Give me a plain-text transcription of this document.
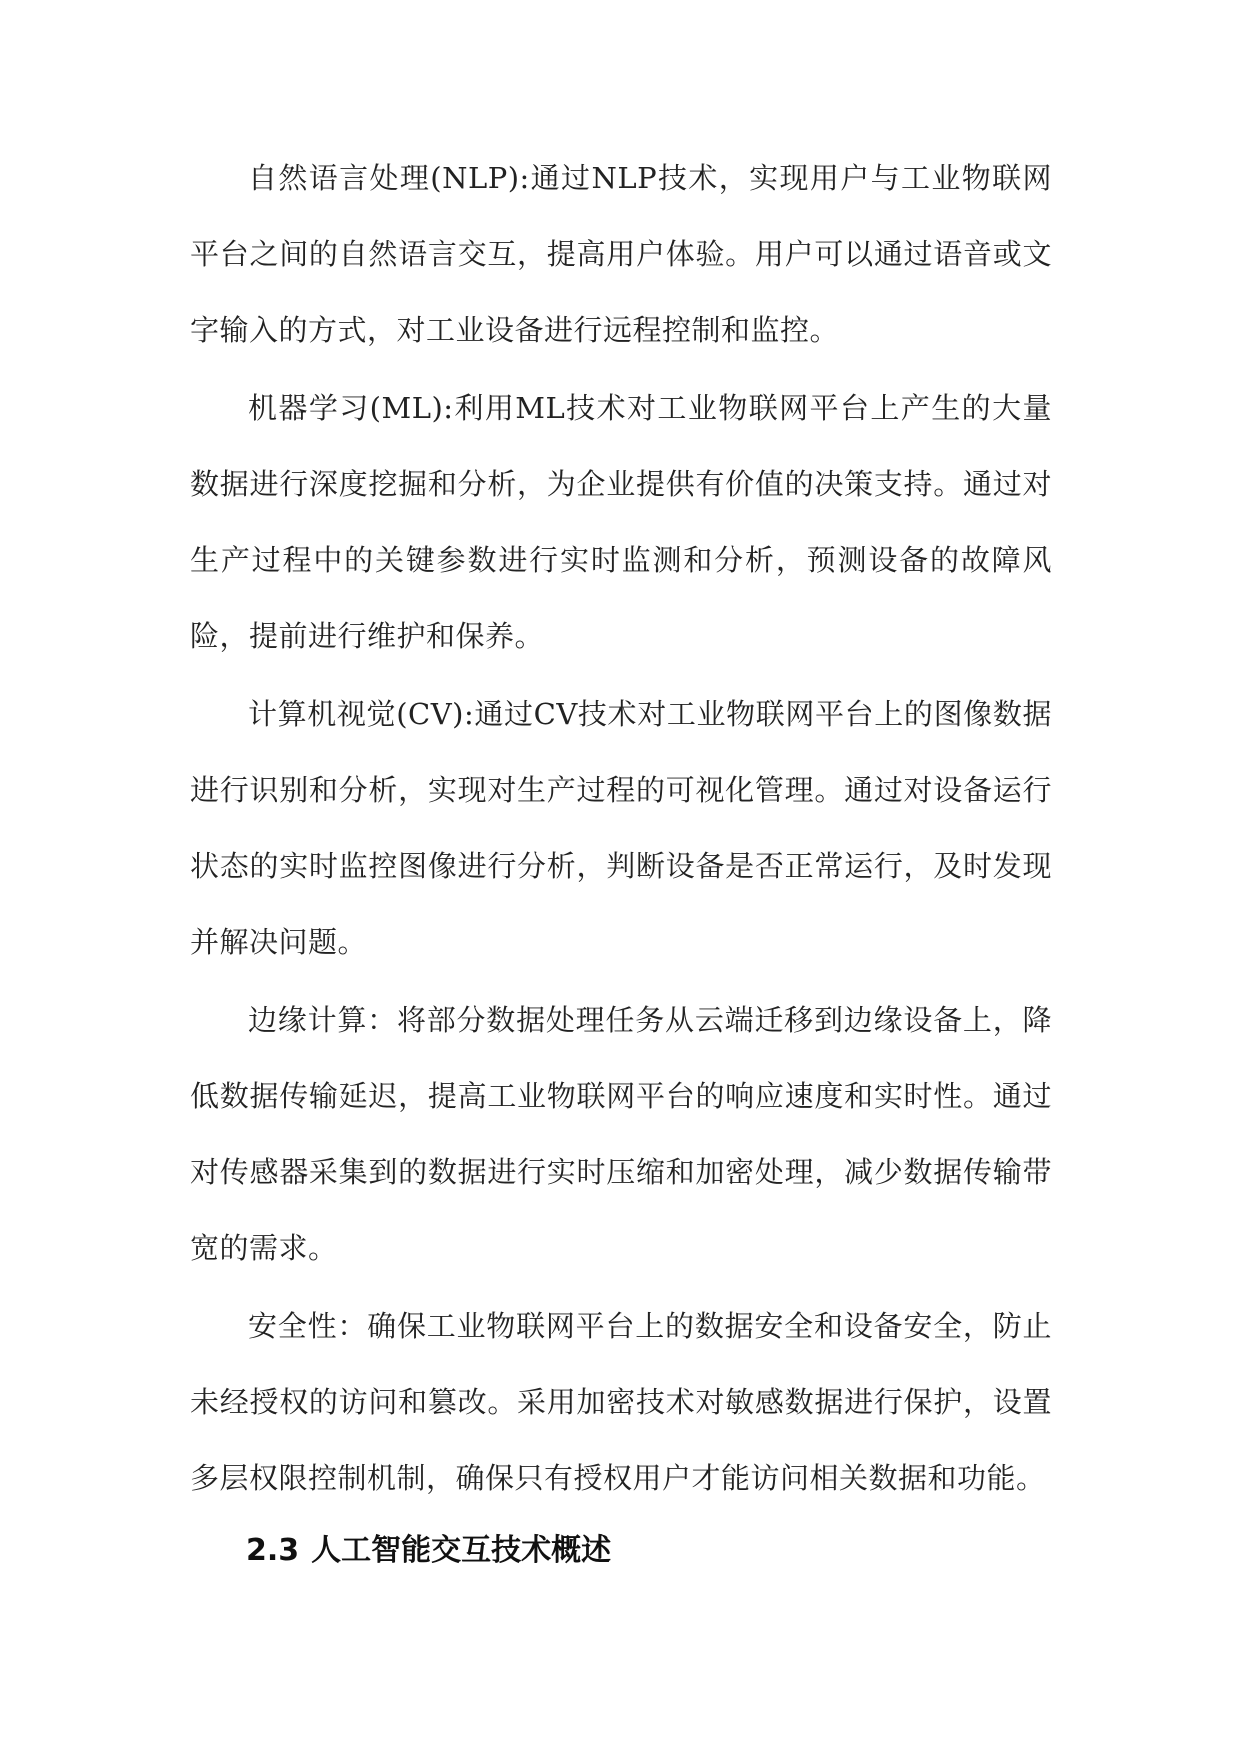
自然语言处理(NLP):通过NLP技术，实现用户与工业物联网平台之间的自然语言交互，提高用户体验。用户可以通过语音或文字输入的方式，对工业设备进行远程控制和监控。

机器学习(ML):利用ML技术对工业物联网平台上产生的大量数据进行深度挖掘和分析，为企业提供有价值的决策支持。通过对生产过程中的关键参数进行实时监测和分析，预测设备的故障风险，提前进行维护和保养。

计算机视觉(CV):通过CV技术对工业物联网平台上的图像数据进行识别和分析，实现对生产过程的可视化管理。通过对设备运行状态的实时监控图像进行分析，判断设备是否正常运行，及时发现并解决问题。

边缘计算：将部分数据处理任务从云端迁移到边缘设备上，降低数据传输延迟，提高工业物联网平台的响应速度和实时性。通过对传感器采集到的数据进行实时压缩和加密处理，减少数据传输带宽的需求。

安全性：确保工业物联网平台上的数据安全和设备安全，防止未经授权的访问和篡改。采用加密技术对敏感数据进行保护，设置多层权限控制机制，确保只有授权用户才能访问相关数据和功能。

2.3 人工智能交互技术概述
